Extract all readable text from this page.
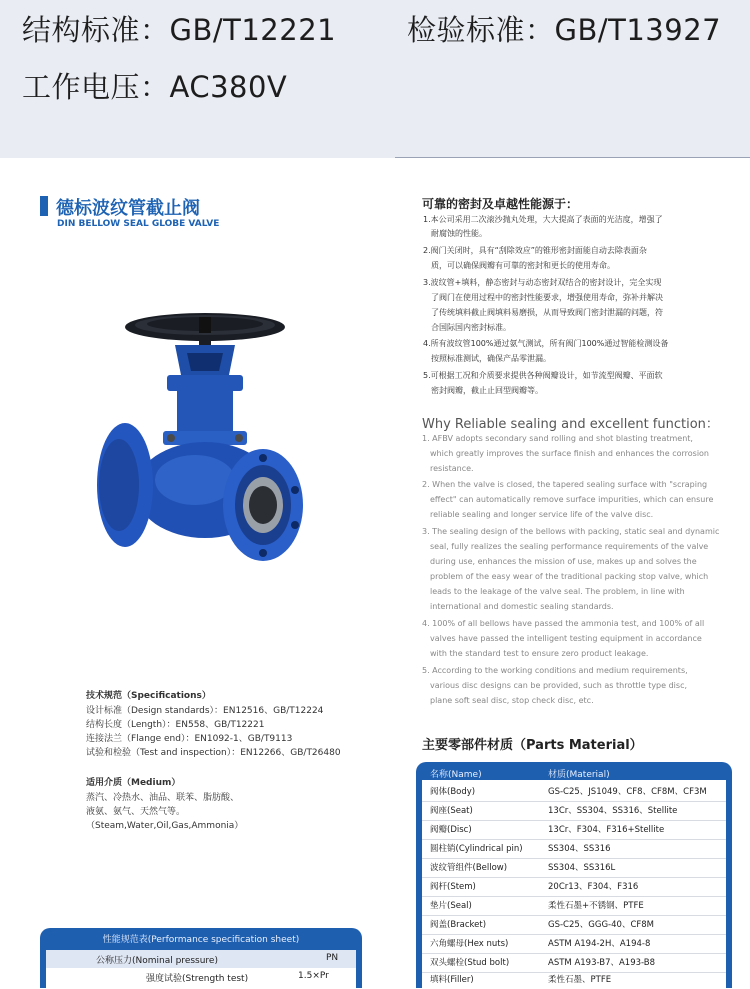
结构标准：GB/T12221 检验标准：GB/T13927
工作电压：AC380V
德标波纹管截止阀
DIN BELLOW SEAL GLOBE VALVE
技术规范（Specifications）
设计标准（Design standards）：EN12516、GB/T12224
结构长度（Length）：EN558、GB/T12221
连接法兰（Flange end）：EN1092-1、GB/T9113
试验和检验（Test and inspection）：EN12266、GB/T26480
适用介质（Medium）
蒸汽、冷热水、油品、联苯、脂肪酸、
液氨、氨气、天然气等。
（Steam,Water,Oil,Gas,Ammonia）
可靠的密封及卓越性能源于：
1.本公司采用二次滚沙抛丸处理，大大提高了表面的光洁度，增强了
耐腐蚀的性能。
2.阀门关闭时，具有“刮除效应”的锥形密封面能自动去除表面杂
质，可以确保阀瓣有可靠的密封和更长的使用寿命。
3.波纹管+填料，静态密封与动态密封双结合的密封设计，完全实现
了阀门在使用过程中的密封性能要求，增强使用寿命，弥补并解决
了传统填料截止阀填料易磨损，从而导致阀门密封泄漏的问题，符
合国际国内密封标准。
4.所有波纹管100%通过氨气测试，所有阀门100%通过智能检测设备
按照标准测试，确保产品零泄漏。
5.可根据工况和介质要求提供各种阀瓣设计，如节流型阀瓣、平面软
密封阀瓣，截止止回型阀瓣等。
Why Reliable sealing and excellent function：
1. AFBV adopts secondary sand rolling and shot blasting treatment,
which greatly improves the surface finish and enhances the corrosion
resistance.
2. When the valve is closed, the tapered sealing surface with "scraping
effect" can automatically remove surface impurities, which can ensure
reliable sealing and longer service life of the valve disc.
3. The sealing design of the bellows with packing, static seal and dynamic
seal, fully realizes the sealing performance requirements of the valve
during use, enhances the mission of use, makes up and solves the
problem of the easy wear of the traditional packing stop valve, which
leads to the leakage of the valve seal. The problem, in line with
international and domestic sealing standards.
4. 100% of all bellows have passed the ammonia test, and 100% of all
valves have passed the intelligent testing equipment in accordance
with the standard test to ensure zero product leakage.
5. According to the working conditions and medium requirements,
various disc designs can be provided, such as throttle type disc,
plane soft seal disc, stop check disc, etc.
主要零部件材质（Parts Material）
名称(Name)	材质(Material)
阀体(Body)	GS-C25、JS1049、CF8、CF8M、CF3M
阀座(Seat)	13Cr、SS304、SS316、Stellite
阀瓣(Disc)	13Cr、F304、F316+Stellite
圆柱销(Cylindrical pin)	SS304、SS316
波纹管组件(Bellow)	SS304、SS316L
阀杆(Stem)	20Cr13、F304、F316
垫片(Seal)	柔性石墨+不锈钢、PTFE
阀盖(Bracket)	GS-C25、GGG-40、CF8M
六角螺母(Hex nuts)	ASTM A194-2H、A194-8
双头螺栓(Stud bolt)	ASTM A193-B7、A193-B8
填料(Filler)	柔性石墨、PTFE
性能规范表(Performance specification sheet)
公称压力(Nominal pressure)	PN
强度试验(Strength test)	1.5×Pr
